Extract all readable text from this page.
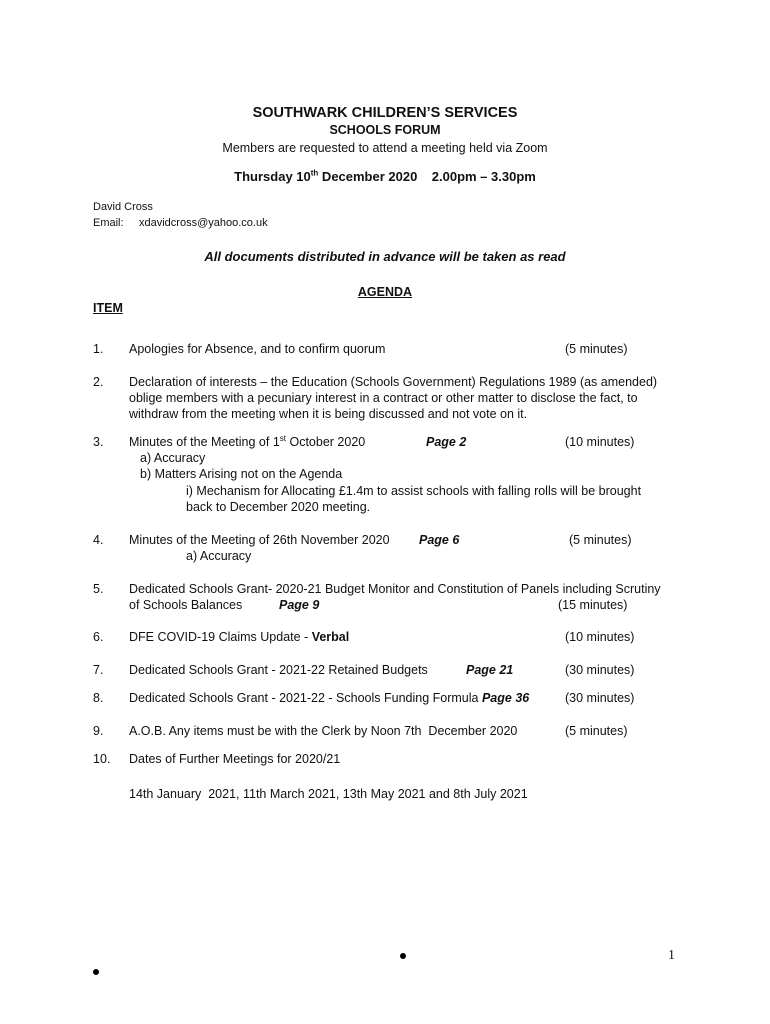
SOUTHWARK CHILDREN’S SERVICES
SCHOOLS FORUM
Members are requested to attend a meeting held via Zoom
Thursday 10th December 2020    2.00pm – 3.30pm
David Cross
Email: xdavidcross@yahoo.co.uk
All documents distributed in advance will be taken as read
AGENDA
ITEM
1. Apologies for Absence, and to confirm quorum	(5 minutes)
2. Declaration of interests – the Education (Schools Government) Regulations 1989 (as amended)
oblige members with a pecuniary interest in a contract or other matter to disclose the fact, to
withdraw from the meeting when it is being discussed and not vote on it.
3. Minutes of the Meeting of 1st October 2020	Page 2	(10 minutes)
a) Accuracy
b) Matters Arising not on the Agenda
i) Mechanism for Allocating £1.4m to assist schools with falling rolls will be brought
back to December 2020 meeting.
4. Minutes of the Meeting of 26th November 2020 Page 6	(5 minutes)
a) Accuracy
5. Dedicated Schools Grant- 2020-21 Budget Monitor and Constitution of Panels including Scrutiny
of Schools Balances	Page 9	(15 minutes)
6. DFE COVID-19 Claims Update - Verbal	(10 minutes)
7. Dedicated Schools Grant - 2021-22 Retained Budgets	Page 21	(30 minutes)
8. Dedicated Schools Grant - 2021-22 - Schools Funding Formula Page 36	(30 minutes)
9. A.O.B. Any items must be with the Clerk by Noon 7th  December 2020	(5 minutes)
10. Dates of Further Meetings for 2020/21
14th January  2021, 11th March 2021, 13th May 2021 and 8th July 2021
1
